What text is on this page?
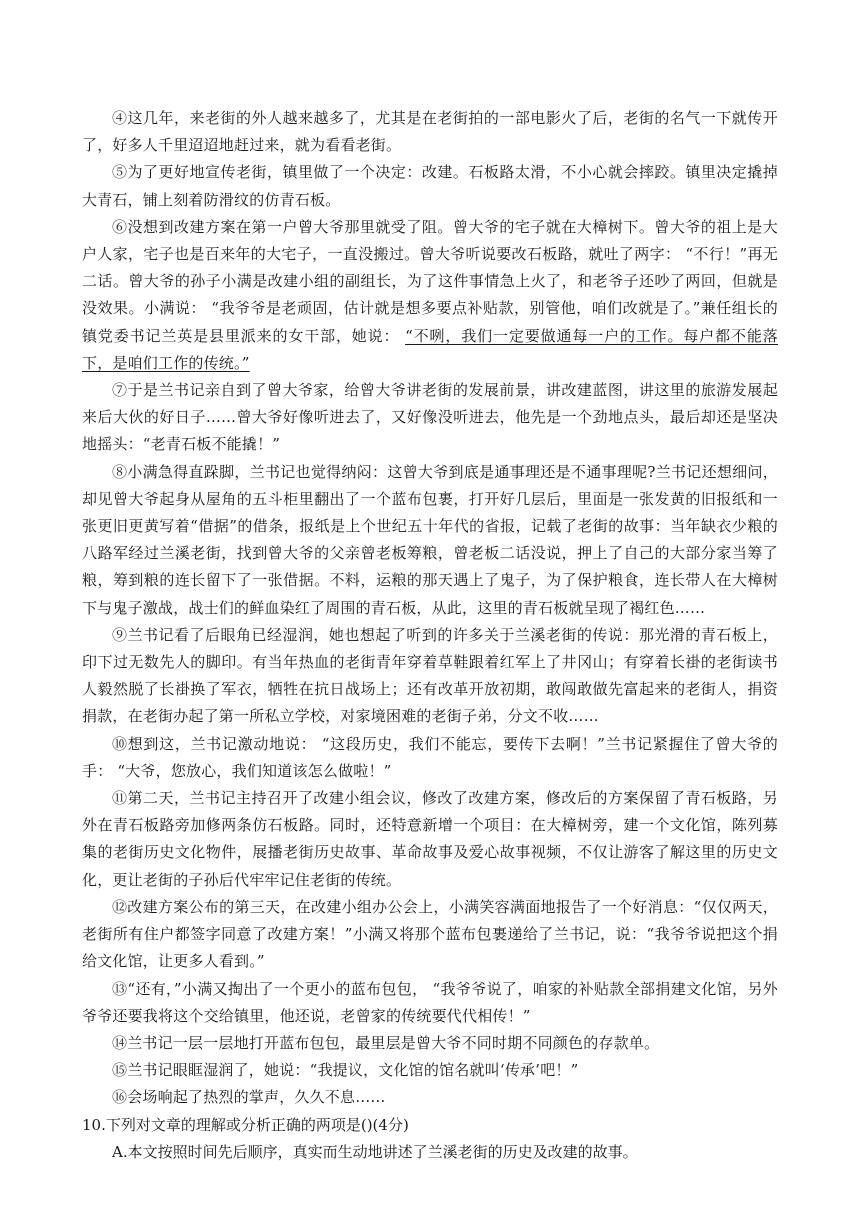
④这几年，来老街的外人越来越多了，尤其是在老街拍的一部电影火了后，老街的名气一下就传开了，好多人千里迢迢地赶过来，就为看看老街。

⑤为了更好地宣传老街，镇里做了一个决定：改建。石板路太滑，不小心就会摔跤。镇里决定撬掉大青石，铺上刻着防滑纹的仿青石板。

⑥没想到改建方案在第一户曾大爷那里就受了阻。曾大爷的宅子就在大樟树下。曾大爷的祖上是大户人家，宅子也是百来年的大宅子，一直没搬过。曾大爷听说要改石板路，就吐了两字： “不行！”再无二话。曾大爷的孙子小满是改建小组的副组长，为了这件事情急上火了，和老爷子还吵了两回，但就是没效果。小满说： “我爷爷是老顽固，估计就是想多要点补贴款，别管他，咱们改就是了。”兼任组长的镇党委书记兰英是县里派来的女干部，她说： “不咧，我们一定要做通每一户的工作。每户都不能落下，是咱们工作的传统。”

⑦于是兰书记亲自到了曾大爷家，给曾大爷讲老街的发展前景，讲改建蓝图，讲这里的旅游发展起来后大伙的好日子……曾大爷好像听进去了，又好像没听进去，他先是一个劲地点头，最后却还是坚决地摇头：“老青石板不能撬！”

⑧小满急得直跺脚，兰书记也觉得纳闷：这曾大爷到底是通事理还是不通事理呢?兰书记还想细问，却见曾大爷起身从屋角的五斗柜里翻出了一个蓝布包裹，打开好几层后，里面是一张发黄的旧报纸和一张更旧更黄写着“借据”的借条，报纸是上个世纪五十年代的省报，记载了老街的故事：当年缺衣少粮的八路军经过兰溪老街，找到曾大爷的父亲曾老板筹粮，曾老板二话没说，押上了自己的大部分家当筹了粮，筹到粮的连长留下了一张借据。不料，运粮的那天遇上了鬼子，为了保护粮食，连长带人在大樟树下与鬼子激战，战士们的鲜血染红了周围的青石板，从此，这里的青石板就呈现了褐红色……

⑨兰书记看了后眼角已经湿润，她也想起了听到的许多关于兰溪老街的传说：那光滑的青石板上，印下过无数先人的脚印。有当年热血的老街青年穿着草鞋跟着红军上了井冈山；有穿着长褂的老街读书人毅然脱了长褂换了军衣，牺牲在抗日战场上；还有改革开放初期，敢闯敢做先富起来的老街人，捐资捐款，在老街办起了第一所私立学校，对家境困难的老街子弟，分文不收……

⑩想到这，兰书记激动地说： “这段历史，我们不能忘，要传下去啊！”兰书记紧握住了曾大爷的手： “大爷，您放心，我们知道该怎么做啦！”

⑪第二天，兰书记主持召开了改建小组会议，修改了改建方案，修改后的方案保留了青石板路，另外在青石板路旁加修两条仿石板路。同时，还特意新增一个项目：在大樟树旁，建一个文化馆，陈列募集的老街历史文化物件，展播老街历史故事、革命故事及爱心故事视频，不仅让游客了解这里的历史文化，更让老街的子孙后代牢牢记住老街的传统。

⑫改建方案公布的第三天，在改建小组办公会上，小满笑容满面地报告了一个好消息：“仅仅两天，老街所有住户都签字同意了改建方案！”小满又将那个蓝布包裹递给了兰书记，说：“我爷爷说把这个捐给文化馆，让更多人看到。”

⑬“还有，”小满又掏出了一个更小的蓝布包包， “我爷爷说了，咱家的补贴款全部捐建文化馆，另外爷爷还要我将这个交给镇里，他还说，老曾家的传统要代代相传！”

⑭兰书记一层一层地打开蓝布包包，最里层是曾大爷不同时期不同颜色的存款单。

⑮兰书记眼眶湿润了，她说：“我提议，文化馆的馆名就叫‘传承’吧！”

⑯会场响起了热烈的掌声，久久不息……

10.下列对文章的理解或分析正确的两项是()(4分)

A.本文按照时间先后顺序，真实而生动地讲述了兰溪老街的历史及改建的故事。
